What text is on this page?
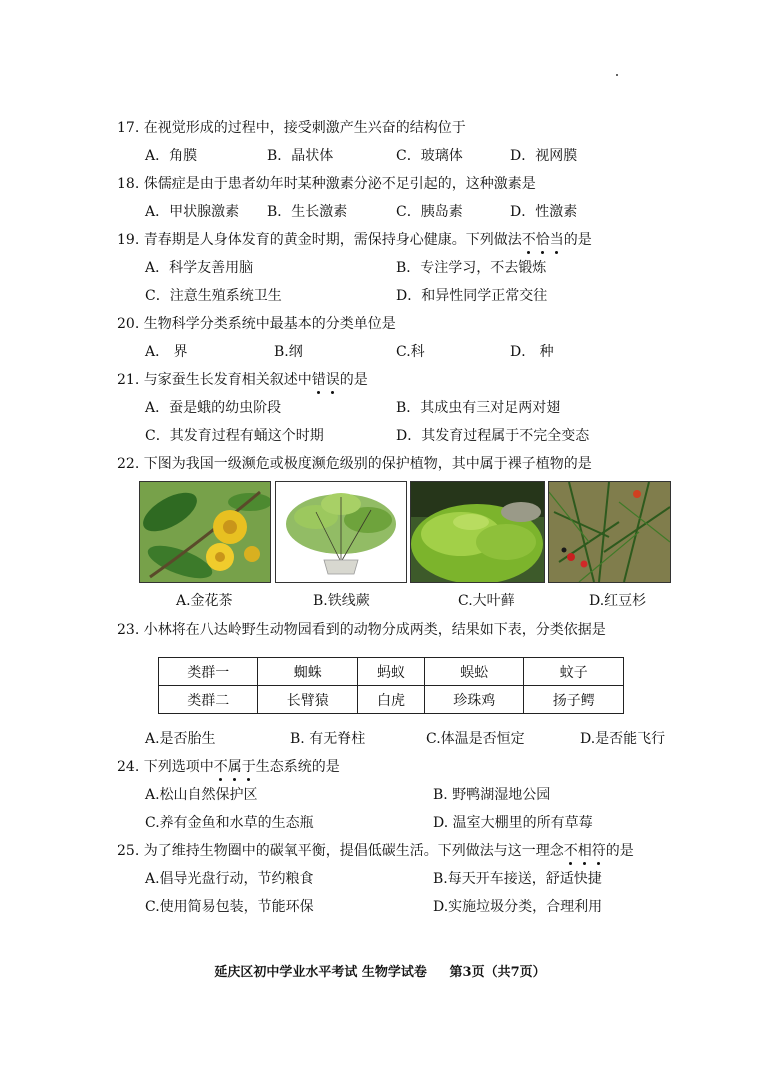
17. 在视觉形成的过程中，接受刺激产生兴奋的结构位于
A．角膜	B．晶状体	C．玻璃体	D．视网膜
18. 侏儒症是由于患者幼年时某种激素分泌不足引起的，这种激素是
A．甲状腺激素 B．生长激素	C．胰岛素	D．性激素
19. 青春期是人身体发育的黄金时期，需保持身心健康。下列做法不恰当的是
A．科学友善用脑	B．专注学习，不去锻炼
C．注意生殖系统卫生	D．和异性同学正常交往
20. 生物科学分类系统中最基本的分类单位是
A． 界	B.纲	C.科	D． 种
21. 与家蚕生长发育相关叙述中错误的是
A．蚕是蛾的幼虫阶段	B．其成虫有三对足两对翅
C．其发育过程有蛹这个时期	D．其发育过程属于不完全变态
22. 下图为我国一级濒危或极度濒危级别的保护植物，其中属于裸子植物的是
A.金花茶	B.铁线蕨	C.大叶藓	D.红豆杉
23. 小林将在八达岭野生动物园看到的动物分成两类，结果如下表，分类依据是
类群一	蜘蛛	蚂蚁	蜈蚣	蚊子
类群二	长臂猿	白虎	珍珠鸡	扬子鳄
A.是否胎生	B. 有无脊柱	C.体温是否恒定	D.是否能飞行
24. 下列选项中不属于生态系统的是
A.松山自然保护区	B. 野鸭湖湿地公园
C.养有金鱼和水草的生态瓶	D. 温室大棚里的所有草莓
25. 为了维持生物圈中的碳氧平衡，提倡低碳生活。下列做法与这一理念不相符的是
A.倡导光盘行动，节约粮食	B.每天开车接送，舒适快捷
C.使用简易包装，节能环保	D.实施垃圾分类，合理利用
延庆区初中学业水平考试 生物学试卷     第3页（共7页）
